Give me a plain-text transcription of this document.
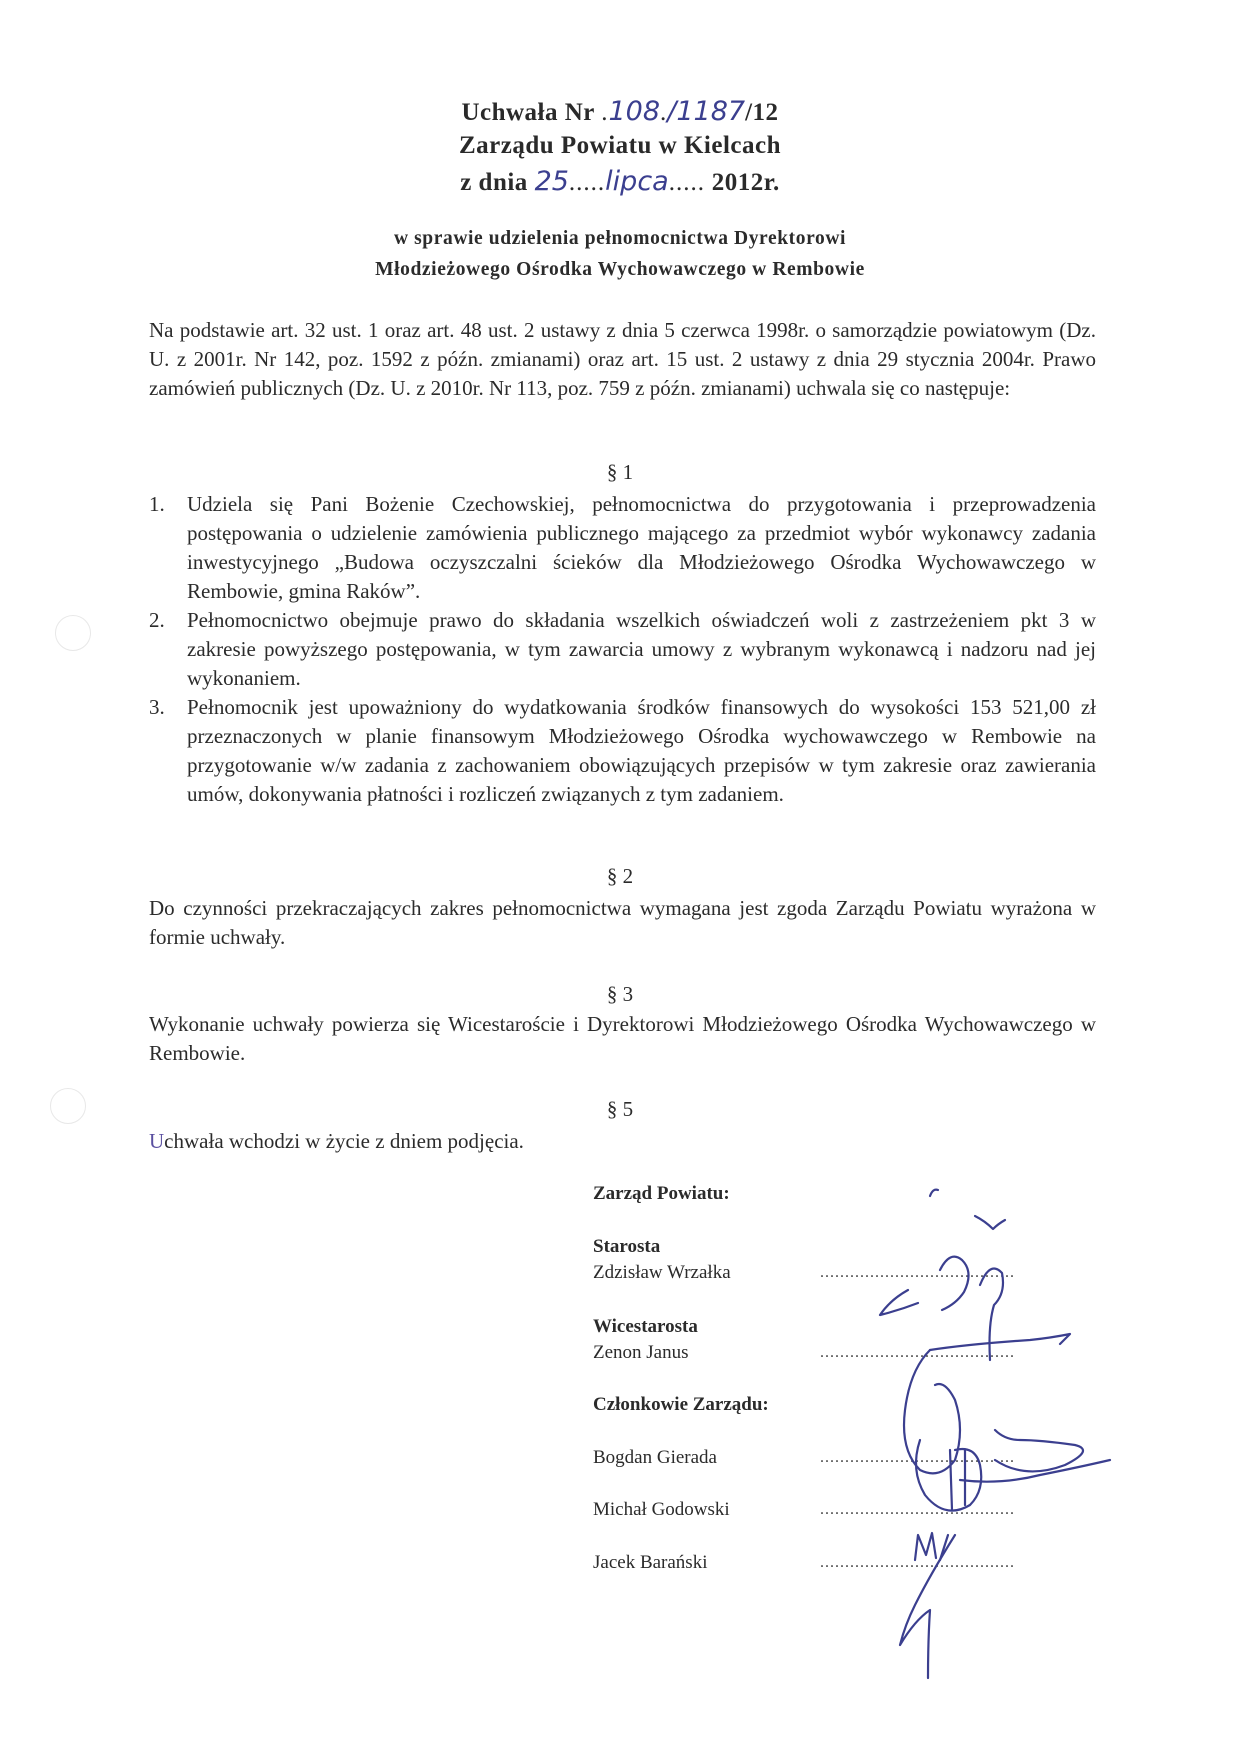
Uchwała Nr .108./1187/12
Zarządu Powiatu w Kielcach
z dnia 25.....lipca..... 2012r.
w sprawie udzielenia pełnomocnictwa Dyrektorowi
Młodzieżowego Ośrodka Wychowawczego w Rembowie
Na podstawie art. 32 ust. 1 oraz art. 48 ust. 2 ustawy z dnia 5 czerwca 1998r. o samorządzie powiatowym (Dz. U. z 2001r. Nr 142, poz. 1592 z późn. zmianami) oraz art. 15 ust. 2 ustawy z dnia 29 stycznia 2004r. Prawo zamówień publicznych (Dz. U. z 2010r. Nr 113, poz. 759 z późn. zmianami) uchwala się co następuje:
§ 1
1. Udziela się Pani Bożenie Czechowskiej, pełnomocnictwa do przygotowania i przeprowadzenia postępowania o udzielenie zamówienia publicznego mającego za przedmiot wybór wykonawcy zadania inwestycyjnego „Budowa oczyszczalni ścieków dla Młodzieżowego Ośrodka Wychowawczego w Rembowie, gmina Raków”.
2. Pełnomocnictwo obejmuje prawo do składania wszelkich oświadczeń woli z zastrzeżeniem pkt 3 w zakresie powyższego postępowania, w tym zawarcia umowy z wybranym wykonawcą i nadzoru nad jej wykonaniem.
3. Pełnomocnik jest upoważniony do wydatkowania środków finansowych do wysokości 153 521,00 zł przeznaczonych w planie finansowym Młodzieżowego Ośrodka wychowawczego w Rembowie na przygotowanie w/w zadania z zachowaniem obowiązujących przepisów w tym zakresie oraz zawierania umów, dokonywania płatności i rozliczeń związanych z tym zadaniem.
§ 2
Do czynności przekraczających zakres pełnomocnictwa wymagana jest zgoda Zarządu Powiatu wyrażona w formie uchwały.
§ 3
Wykonanie uchwały powierza się Wicestaroście i Dyrektorowi Młodzieżowego Ośrodka Wychowawczego w Rembowie.
§ 5
Uchwała wchodzi w życie z dniem podjęcia.
Zarząd Powiatu:
Starosta
Zdzisław Wrzałka	.......................................
Wicestarosta
Zenon Janus	.......................................
Członkowie Zarządu:
Bogdan Gierada	.......................................
Michał Godowski	.......................................
Jacek Barański	.......................................
